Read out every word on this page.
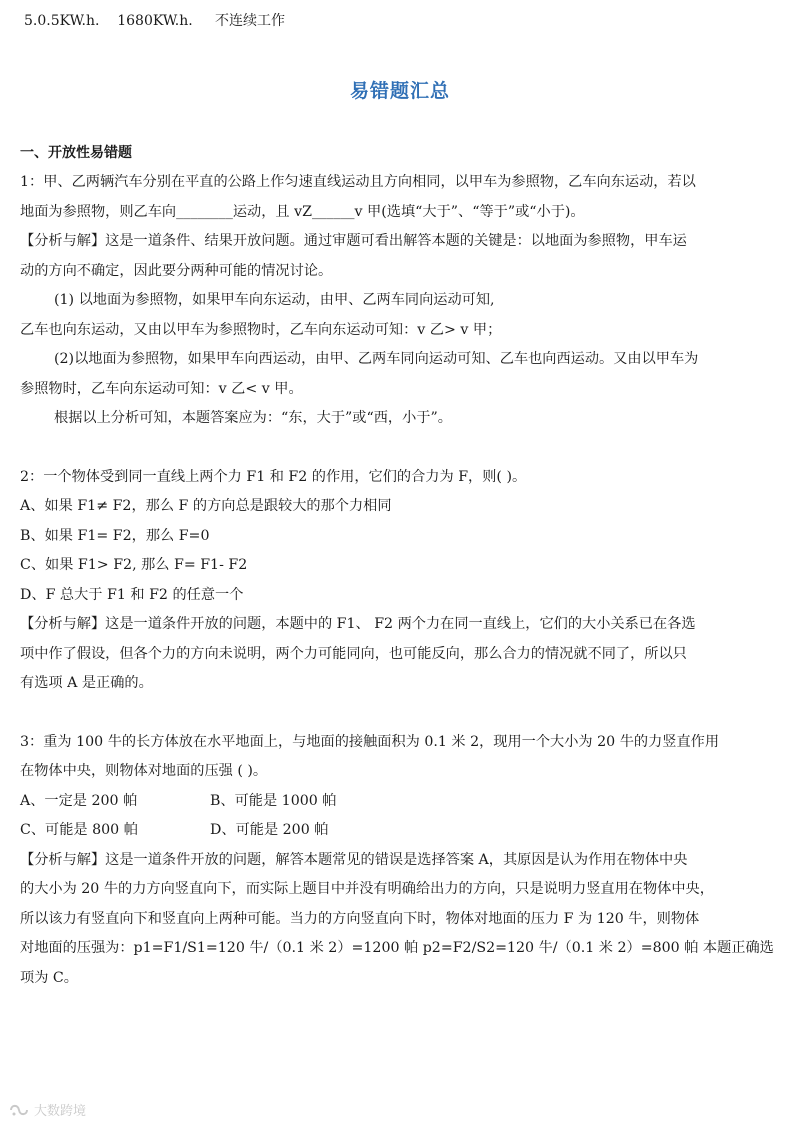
5.0.5KW.h.    1680KW.h.     不连续工作
易错题汇总
一、开放性易错题
1：甲、乙两辆汽车分别在平直的公路上作匀速直线运动且方向相同，以甲车为参照物，乙车向东运动，若以
地面为参照物，则乙车向________运动，且 vZ______v 甲(选填“大于”、“等于”或“小于)。
【分析与解】这是一道条件、结果开放问题。通过审题可看出解答本题的关键是：以地面为参照物，甲车运
动的方向不确定，因此要分两种可能的情况讨论。
(1) 以地面为参照物，如果甲车向东运动，由甲、乙两车同向运动可知,
乙车也向东运动，又由以甲车为参照物时，乙车向东运动可知：v 乙> v 甲；
(2)以地面为参照物，如果甲车向西运动，由甲、乙两车同向运动可知、乙车也向西运动。又由以甲车为
参照物时，乙车向东运动可知：v 乙< v 甲。
根据以上分析可知，本题答案应为：“东，大于”或“西，小于”。
2：一个物体受到同一直线上两个力 F1 和 F2 的作用，它们的合力为 F，则( )。
A、如果 F1≠ F2，那么 F 的方向总是跟较大的那个力相同
B、如果 F1= F2，那么 F=0
C、如果 F1> F2, 那么 F= F1- F2
D、F 总大于 F1 和 F2 的任意一个
【分析与解】这是一道条件开放的问题，本题中的 F1、 F2 两个力在同一直线上，它们的大小关系已在各选
项中作了假设，但各个力的方向未说明，两个力可能同向，也可能反向，那么合力的情况就不同了，所以只
有选项 A 是正确的。
3：重为 100 牛的长方体放在水平地面上，与地面的接触面积为 0.1 米 2，现用一个大小为 20 牛的力竖直作用
在物体中央，则物体对地面的压强 ( )。
A、一定是 200 帕	B、可能是 1000 帕
C、可能是 800 帕	D、可能是 200 帕
【分析与解】这是一道条件开放的问题，解答本题常见的错误是选择答案 A，其原因是认为作用在物体中央
的大小为 20 牛的力方向竖直向下，而实际上题目中并没有明确给出力的方向，只是说明力竖直用在物体中央，
所以该力有竖直向下和竖直向上两种可能。当力的方向竖直向下时，物体对地面的压力 F 为 120 牛，则物体
对地面的压强为：p1=F1/S1=120 牛/（0.1 米 2）=1200 帕 p2=F2/S2=120 牛/（0.1 米 2）=800 帕 本题正确选
项为 C。
大数跨境
